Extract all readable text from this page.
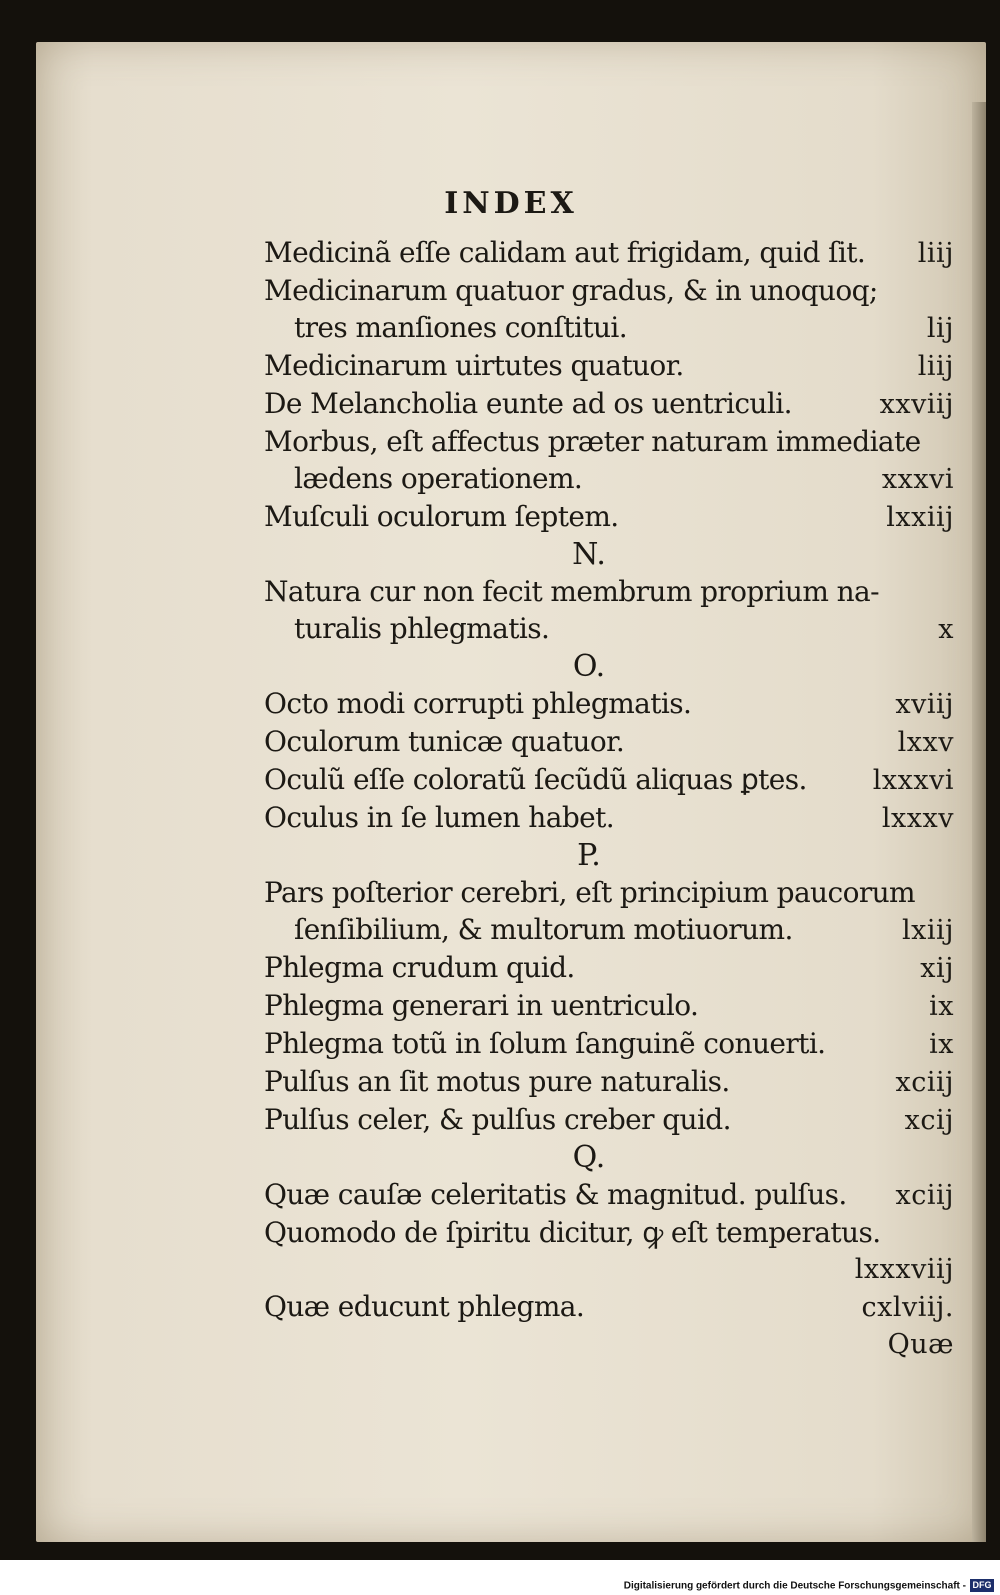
INDEX
Medicinã eſſe calidam aut frigidam, quid ſit. liij
Medicinarum quatuor gradus, & in unoquoq;
tres manſiones conſtitui.	lij
Medicinarum uirtutes quatuor.	liij
De Melancholia eunte ad os uentriculi.	xxviij
Morbus, eſt affectus præter naturam immediate
lædens operationem.	xxxvi
Muſculi oculorum ſeptem.	lxxiij
N.
Natura cur non fecit membrum proprium na-
turalis phlegmatis.	x
O.
Octo modi corrupti phlegmatis.	xviij
Oculorum tunicæ quatuor.	lxxv
Oculũ eſſe coloratũ ſecũdũ aliquas ꝑtes. lxxxvi
Oculus in ſe lumen habet.	lxxxv
P.
Pars poſterior cerebri, eſt principium paucorum
ſenſibilium, & multorum motiuorum.	lxiij
Phlegma crudum quid.	xij
Phlegma generari in uentriculo.	ix
Phlegma totũ in ſolum ſanguinẽ conuerti.	ix
Pulſus an ſit motus pure naturalis.	xciij
Pulſus celer, & pulſus creber quid.	xcij
Q.
Quæ cauſæ celeritatis & magnitud. pulſus. xciij
Quomodo de ſpiritu dicitur, ꝙ eſt temperatus.
lxxxviij
Quæ educunt phlegma.	cxlviij.
Quæ
Digitalisierung gefördert durch die Deutsche Forschungsgemeinschaft - DFG
